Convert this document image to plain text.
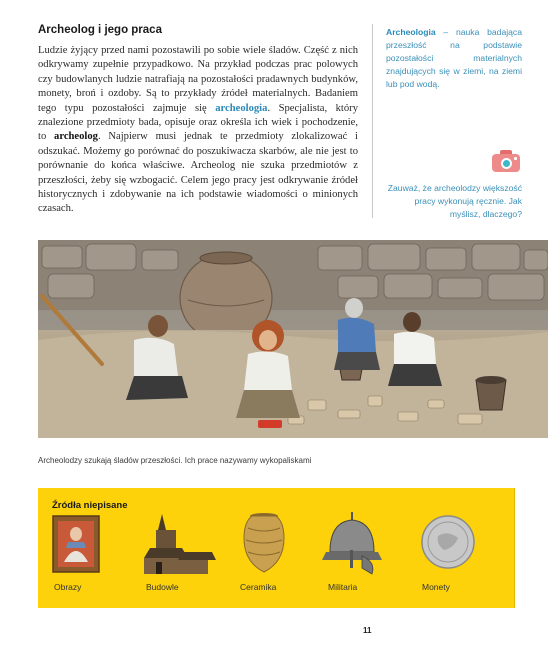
Archeolog i jego praca

Ludzie żyjący przed nami pozostawili po sobie wiele śladów. Część z nich odkrywamy zupełnie przypadkowo. Na przykład podczas prac polowych czy budowlanych ludzie natrafiają na pozostałości pradawnych budynków, monety, broń i ozdoby. Są to przykłady źródeł materialnych. Badaniem tego typu pozostałości zajmuje się archeologia. Specjalista, który znalezione przedmioty bada, opisuje oraz określa ich wiek i pochodzenie, to archeolog. Najpierw musi jednak te przedmioty zlokalizować i odszukać. Możemy go porównać do poszukiwacza skarbów, ale nie jest to porównanie do końca właściwe. Archeolog nie szuka przedmiotów z przeszłości, żeby się wzbogacić. Celem jego pracy jest odkrywanie źródeł historycznych i zdobywanie na ich podstawie wiadomości o minionych czasach.

Archeologia – nauka badająca przeszłość na podstawie pozostałości materialnych znajdujących się w ziemi, na ziemi lub pod wodą.

Zauważ, że archeolodzy większość pracy wykonują ręcznie. Jak myślisz, dlaczego?

Archeolodzy szukają śladów przeszłości. Ich prace nazywamy wykopaliskami

Źródła niepisane

Obrazy	Budowle	Ceramika	Militaria	Monety

11
